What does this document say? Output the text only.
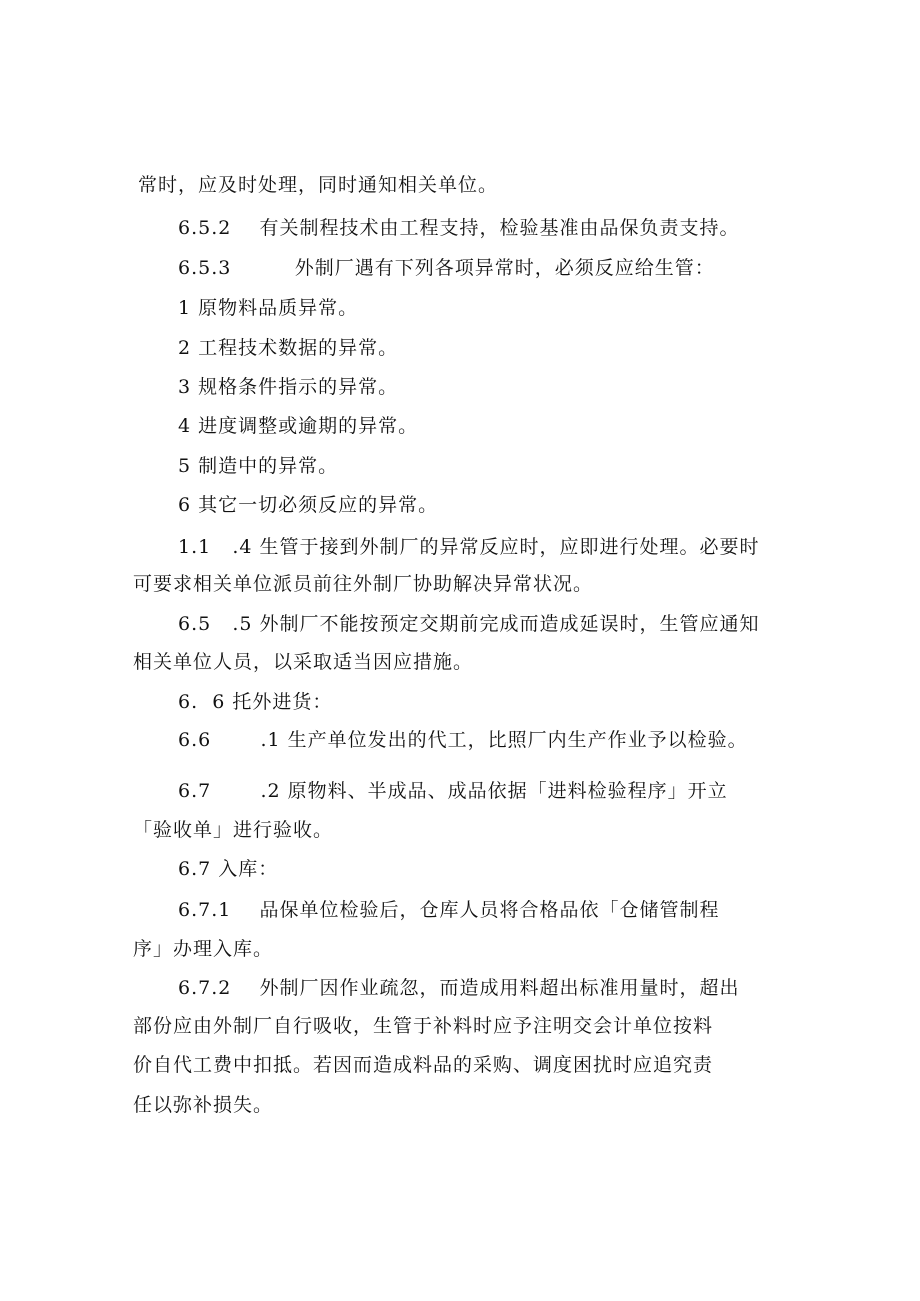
常时，应及时处理，同时通知相关单位。
6.5.2    有关制程技术由工程支持，检验基准由品保负责支持。
6.5.3         外制厂遇有下列各项异常时，必须反应给生管：
1 原物料品质异常。
2 工程技术数据的异常。
3 规格条件指示的异常。
4 进度调整或逾期的异常。
5 制造中的异常。
6 其它一切必须反应的异常。
1.1   .4 生管于接到外制厂的异常反应时，应即进行处理。必要时
可要求相关单位派员前往外制厂协助解决异常状况。
6.5   .5 外制厂不能按预定交期前完成而造成延误时，生管应通知
相关单位人员，以采取适当因应措施。
6.  6 托外进货：
6.6       .1 生产单位发出的代工，比照厂内生产作业予以检验。
6.7       .2 原物料、半成品、成品依据「进料检验程序」开立
「验收单」进行验收。
6.7 入库：
6.7.1    品保单位检验后，仓库人员将合格品依「仓储管制程
序」办理入库。
6.7.2    外制厂因作业疏忽，而造成用料超出标准用量时，超出
部份应由外制厂自行吸收，生管于补料时应予注明交会计单位按料
价自代工费中扣抵。若因而造成料品的采购、调度困扰时应追究责
任以弥补损失。
